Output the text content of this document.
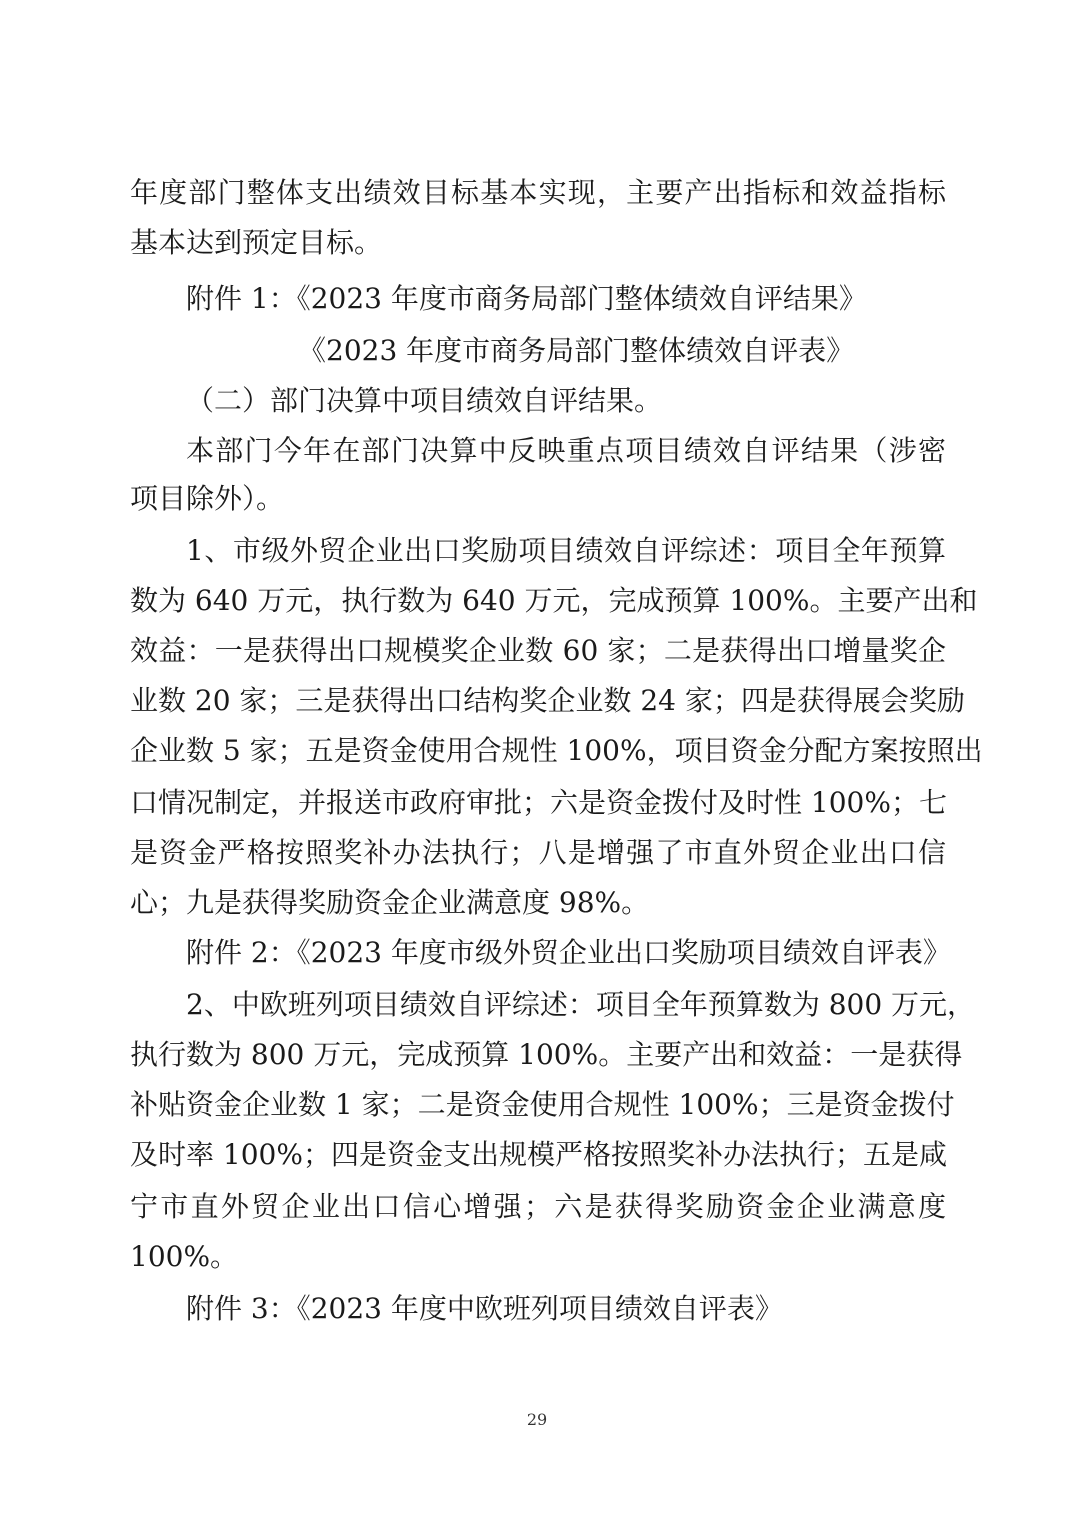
年度部门整体支出绩效目标基本实现，主要产出指标和效益指标
基本达到预定目标。
附件 1：《2023 年度市商务局部门整体绩效自评结果》
《2023 年度市商务局部门整体绩效自评表》
（二）部门决算中项目绩效自评结果。
本部门今年在部门决算中反映重点项目绩效自评结果（涉密
项目除外）。
1、市级外贸企业出口奖励项目绩效自评综述：项目全年预算
数为 640 万元，执行数为 640 万元，完成预算 100%。主要产出和
效益：一是获得出口规模奖企业数 60 家；二是获得出口增量奖企
业数 20 家；三是获得出口结构奖企业数 24 家；四是获得展会奖励
企业数 5 家；五是资金使用合规性 100%，项目资金分配方案按照出
口情况制定，并报送市政府审批；六是资金拨付及时性 100%；七
是资金严格按照奖补办法执行；八是增强了市直外贸企业出口信
心；九是获得奖励资金企业满意度 98%。
附件 2：《2023 年度市级外贸企业出口奖励项目绩效自评表》
2、中欧班列项目绩效自评综述：项目全年预算数为 800 万元，
执行数为 800 万元，完成预算 100%。主要产出和效益：一是获得
补贴资金企业数 1 家；二是资金使用合规性 100%；三是资金拨付
及时率 100%；四是资金支出规模严格按照奖补办法执行；五是咸
宁市直外贸企业出口信心增强；六是获得奖励资金企业满意度
100%。
附件 3：《2023 年度中欧班列项目绩效自评表》
29
